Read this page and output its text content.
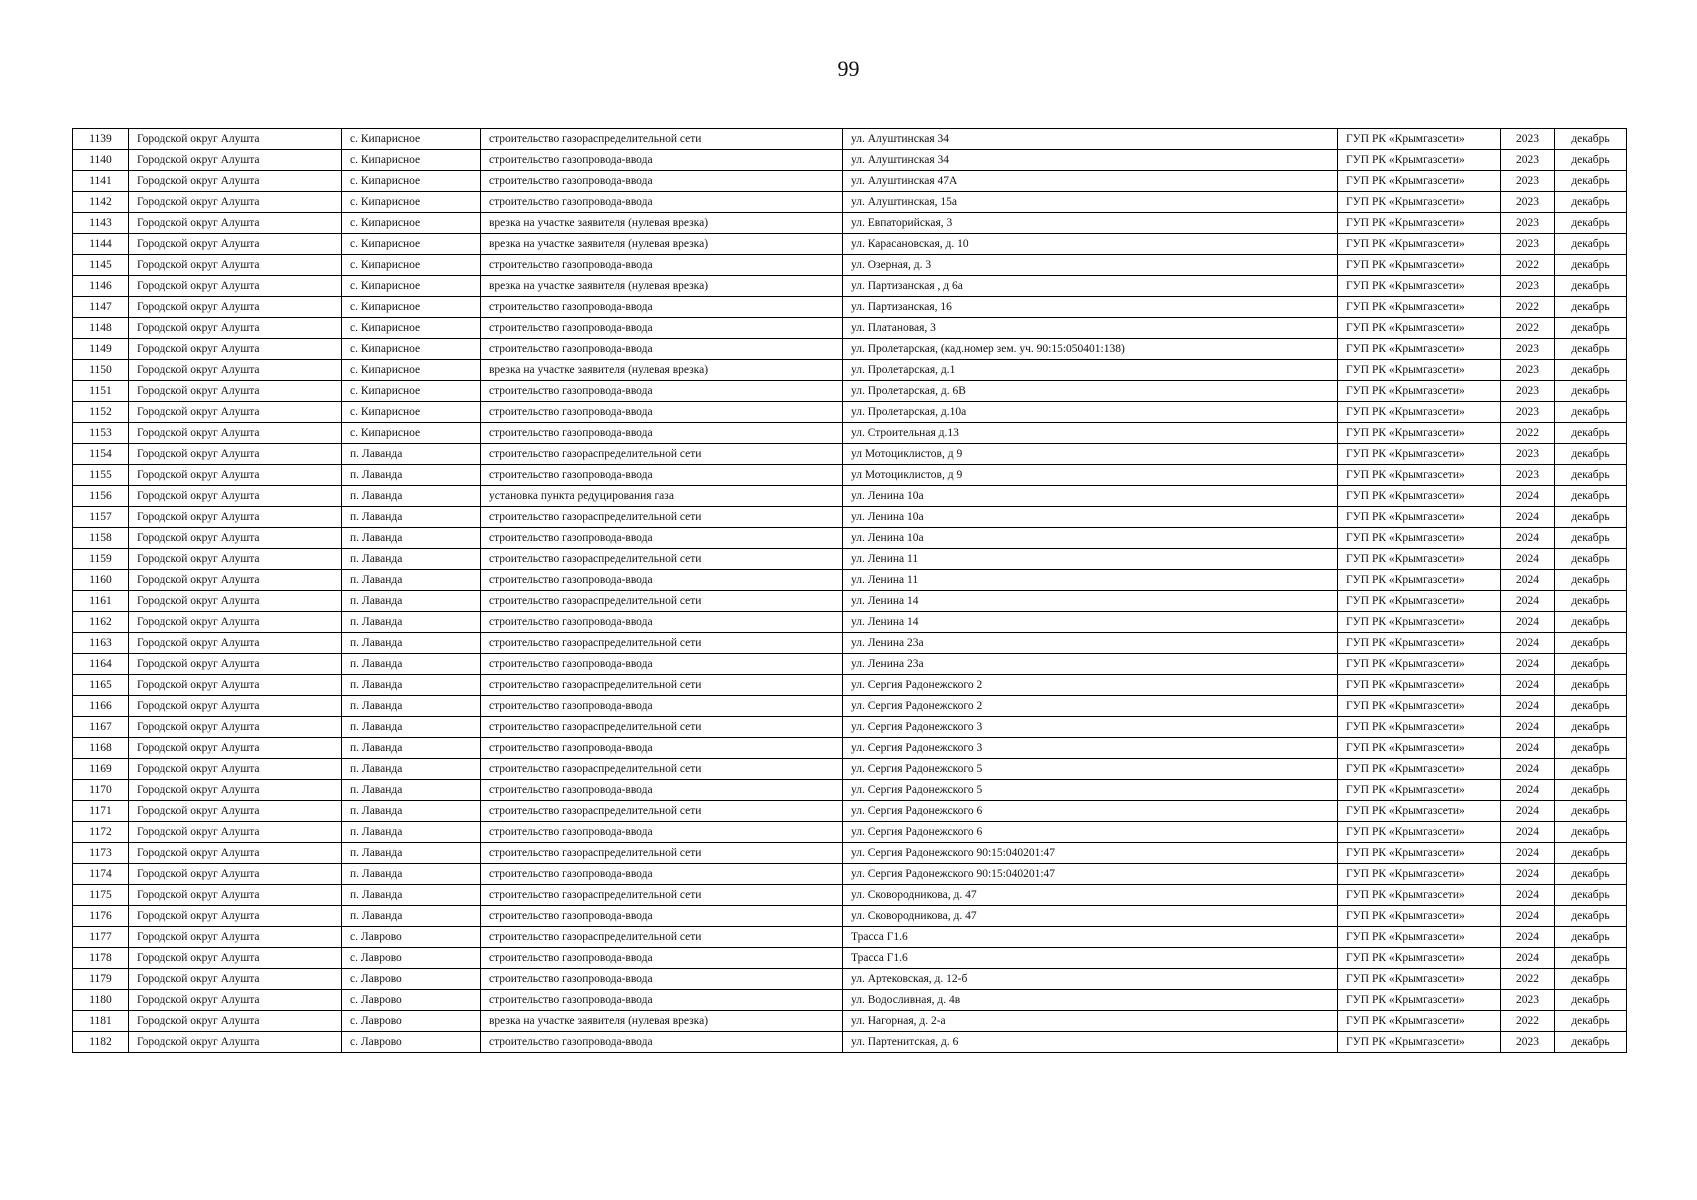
99
1139	Городской округ Алушта	с. Кипарисное	строительство газораспределительной сети	ул. Алуштинская 34	ГУП РК «Крымгазсети»	2023	декабрь
1140	Городской округ Алушта	с. Кипарисное	строительство газопровода-ввода	ул. Алуштинская 34	ГУП РК «Крымгазсети»	2023	декабрь
1141	Городской округ Алушта	с. Кипарисное	строительство газопровода-ввода	ул. Алуштинская 47А	ГУП РК «Крымгазсети»	2023	декабрь
1142	Городской округ Алушта	с. Кипарисное	строительство газопровода-ввода	ул. Алуштинская, 15а	ГУП РК «Крымгазсети»	2023	декабрь
1143	Городской округ Алушта	с. Кипарисное	врезка на участке заявителя (нулевая врезка)	ул. Евпаторийская, 3	ГУП РК «Крымгазсети»	2023	декабрь
1144	Городской округ Алушта	с. Кипарисное	врезка на участке заявителя (нулевая врезка)	ул. Карасановская, д. 10	ГУП РК «Крымгазсети»	2023	декабрь
1145	Городской округ Алушта	с. Кипарисное	строительство газопровода-ввода	ул. Озерная, д. 3	ГУП РК «Крымгазсети»	2022	декабрь
1146	Городской округ Алушта	с. Кипарисное	врезка на участке заявителя (нулевая врезка)	ул. Партизанская , д 6а	ГУП РК «Крымгазсети»	2023	декабрь
1147	Городской округ Алушта	с. Кипарисное	строительство газопровода-ввода	ул. Партизанская, 16	ГУП РК «Крымгазсети»	2022	декабрь
1148	Городской округ Алушта	с. Кипарисное	строительство газопровода-ввода	ул. Платановая, 3	ГУП РК «Крымгазсети»	2022	декабрь
1149	Городской округ Алушта	с. Кипарисное	строительство газопровода-ввода	ул. Пролетарская, (кад.номер зем. уч. 90:15:050401:138)	ГУП РК «Крымгазсети»	2023	декабрь
1150	Городской округ Алушта	с. Кипарисное	врезка на участке заявителя (нулевая врезка)	ул. Пролетарская, д.1	ГУП РК «Крымгазсети»	2023	декабрь
1151	Городской округ Алушта	с. Кипарисное	строительство газопровода-ввода	ул. Пролетарская, д. 6В	ГУП РК «Крымгазсети»	2023	декабрь
1152	Городской округ Алушта	с. Кипарисное	строительство газопровода-ввода	ул. Пролетарская, д.10а	ГУП РК «Крымгазсети»	2023	декабрь
1153	Городской округ Алушта	с. Кипарисное	строительство газопровода-ввода	ул. Строительная д.13	ГУП РК «Крымгазсети»	2022	декабрь
1154	Городской округ Алушта	п. Лаванда	строительство газораспределительной сети	ул Мотоциклистов, д 9	ГУП РК «Крымгазсети»	2023	декабрь
1155	Городской округ Алушта	п. Лаванда	строительство газопровода-ввода	ул Мотоциклистов, д 9	ГУП РК «Крымгазсети»	2023	декабрь
1156	Городской округ Алушта	п. Лаванда	установка пункта редуцирования газа	ул. Ленина 10а	ГУП РК «Крымгазсети»	2024	декабрь
1157	Городской округ Алушта	п. Лаванда	строительство газораспределительной сети	ул. Ленина 10а	ГУП РК «Крымгазсети»	2024	декабрь
1158	Городской округ Алушта	п. Лаванда	строительство газопровода-ввода	ул. Ленина 10а	ГУП РК «Крымгазсети»	2024	декабрь
1159	Городской округ Алушта	п. Лаванда	строительство газораспределительной сети	ул. Ленина 11	ГУП РК «Крымгазсети»	2024	декабрь
1160	Городской округ Алушта	п. Лаванда	строительство газопровода-ввода	ул. Ленина 11	ГУП РК «Крымгазсети»	2024	декабрь
1161	Городской округ Алушта	п. Лаванда	строительство газораспределительной сети	ул. Ленина 14	ГУП РК «Крымгазсети»	2024	декабрь
1162	Городской округ Алушта	п. Лаванда	строительство газопровода-ввода	ул. Ленина 14	ГУП РК «Крымгазсети»	2024	декабрь
1163	Городской округ Алушта	п. Лаванда	строительство газораспределительной сети	ул. Ленина 23а	ГУП РК «Крымгазсети»	2024	декабрь
1164	Городской округ Алушта	п. Лаванда	строительство газопровода-ввода	ул. Ленина 23а	ГУП РК «Крымгазсети»	2024	декабрь
1165	Городской округ Алушта	п. Лаванда	строительство газораспределительной сети	ул. Сергия Радонежского 2	ГУП РК «Крымгазсети»	2024	декабрь
1166	Городской округ Алушта	п. Лаванда	строительство газопровода-ввода	ул. Сергия Радонежского 2	ГУП РК «Крымгазсети»	2024	декабрь
1167	Городской округ Алушта	п. Лаванда	строительство газораспределительной сети	ул. Сергия Радонежского 3	ГУП РК «Крымгазсети»	2024	декабрь
1168	Городской округ Алушта	п. Лаванда	строительство газопровода-ввода	ул. Сергия Радонежского 3	ГУП РК «Крымгазсети»	2024	декабрь
1169	Городской округ Алушта	п. Лаванда	строительство газораспределительной сети	ул. Сергия Радонежского 5	ГУП РК «Крымгазсети»	2024	декабрь
1170	Городской округ Алушта	п. Лаванда	строительство газопровода-ввода	ул. Сергия Радонежского 5	ГУП РК «Крымгазсети»	2024	декабрь
1171	Городской округ Алушта	п. Лаванда	строительство газораспределительной сети	ул. Сергия Радонежского 6	ГУП РК «Крымгазсети»	2024	декабрь
1172	Городской округ Алушта	п. Лаванда	строительство газопровода-ввода	ул. Сергия Радонежского 6	ГУП РК «Крымгазсети»	2024	декабрь
1173	Городской округ Алушта	п. Лаванда	строительство газораспределительной сети	ул. Сергия Радонежского 90:15:040201:47	ГУП РК «Крымгазсети»	2024	декабрь
1174	Городской округ Алушта	п. Лаванда	строительство газопровода-ввода	ул. Сергия Радонежского 90:15:040201:47	ГУП РК «Крымгазсети»	2024	декабрь
1175	Городской округ Алушта	п. Лаванда	строительство газораспределительной сети	ул. Сковородникова, д. 47	ГУП РК «Крымгазсети»	2024	декабрь
1176	Городской округ Алушта	п. Лаванда	строительство газопровода-ввода	ул. Сковородникова, д. 47	ГУП РК «Крымгазсети»	2024	декабрь
1177	Городской округ Алушта	с. Лаврово	строительство газораспределительной сети	Трасса Г1.6	ГУП РК «Крымгазсети»	2024	декабрь
1178	Городской округ Алушта	с. Лаврово	строительство газопровода-ввода	Трасса Г1.6	ГУП РК «Крымгазсети»	2024	декабрь
1179	Городской округ Алушта	с. Лаврово	строительство газопровода-ввода	ул. Артековская, д. 12-б	ГУП РК «Крымгазсети»	2022	декабрь
1180	Городской округ Алушта	с. Лаврово	строительство газопровода-ввода	ул. Водосливная, д. 4в	ГУП РК «Крымгазсети»	2023	декабрь
1181	Городской округ Алушта	с. Лаврово	врезка на участке заявителя (нулевая врезка)	ул. Нагорная, д. 2-а	ГУП РК «Крымгазсети»	2022	декабрь
1182	Городской округ Алушта	с. Лаврово	строительство газопровода-ввода	ул. Партенитская, д. 6	ГУП РК «Крымгазсети»	2023	декабрь
